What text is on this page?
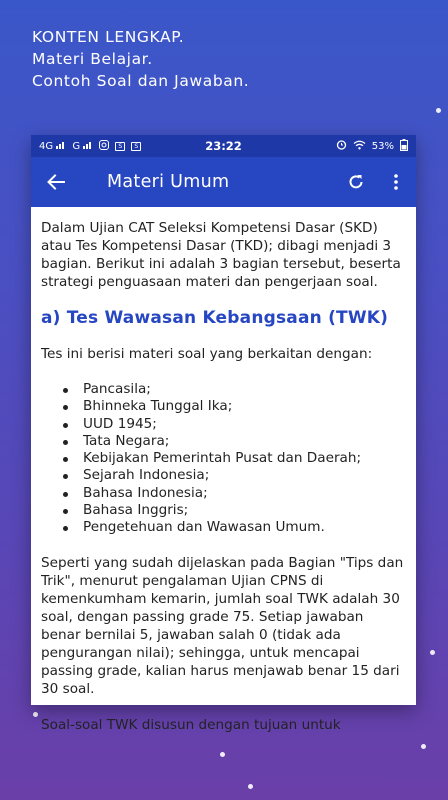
KONTEN LENGKAP.
Materi Belajar.
Contoh Soal dan Jawaban.
4G	G	S	S	23:22	53%
Materi Umum

Dalam Ujian CAT Seleksi Kompetensi Dasar (SKD) atau Tes Kompetensi Dasar (TKD); dibagi menjadi 3 bagian. Berikut ini adalah 3 bagian tersebut, beserta strategi penguasaan materi dan pengerjaan soal.

a) Tes Wawasan Kebangsaan (TWK)

Tes ini berisi materi soal yang berkaitan dengan:

Pancasila;
Bhinneka Tunggal Ika;
UUD 1945;
Tata Negara;
Kebijakan Pemerintah Pusat dan Daerah;
Sejarah Indonesia;
Bahasa Indonesia;
Bahasa Inggris;
Pengetehuan dan Wawasan Umum.

Seperti yang sudah dijelaskan pada Bagian "Tips dan Trik", menurut pengalaman Ujian CPNS di kemenkumham kemarin, jumlah soal TWK adalah 30 soal, dengan passing grade 75. Setiap jawaban benar bernilai 5, jawaban salah 0 (tidak ada pengurangan nilai); sehingga, untuk mencapai passing grade, kalian harus menjawab benar 15 dari 30 soal.

Soal-soal TWK disusun dengan tujuan untuk
